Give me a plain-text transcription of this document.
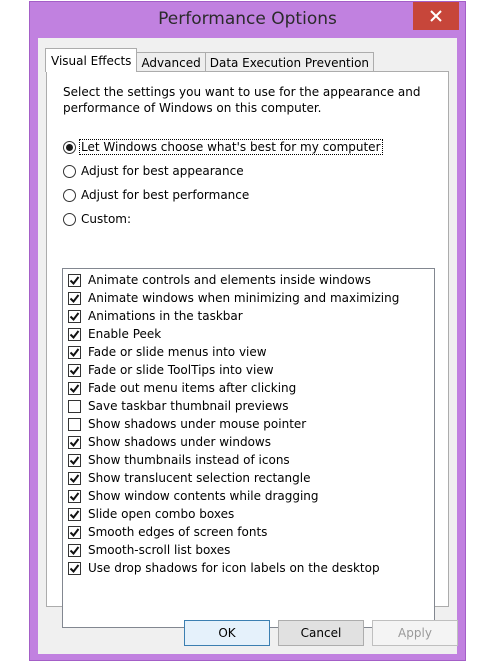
Performance Options
Visual Effects Advanced Data Execution Prevention
Select the settings you want to use for the appearance and performance of Windows on this computer.
Let Windows choose what's best for my computer
Adjust for best appearance
Adjust for best performance
Custom:
Animate controls and elements inside windows
Animate windows when minimizing and maximizing
Animations in the taskbar
Enable Peek
Fade or slide menus into view
Fade or slide ToolTips into view
Fade out menu items after clicking
Save taskbar thumbnail previews
Show shadows under mouse pointer
Show shadows under windows
Show thumbnails instead of icons
Show translucent selection rectangle
Show window contents while dragging
Slide open combo boxes
Smooth edges of screen fonts
Smooth-scroll list boxes
Use drop shadows for icon labels on the desktop
OK	Cancel	Apply
